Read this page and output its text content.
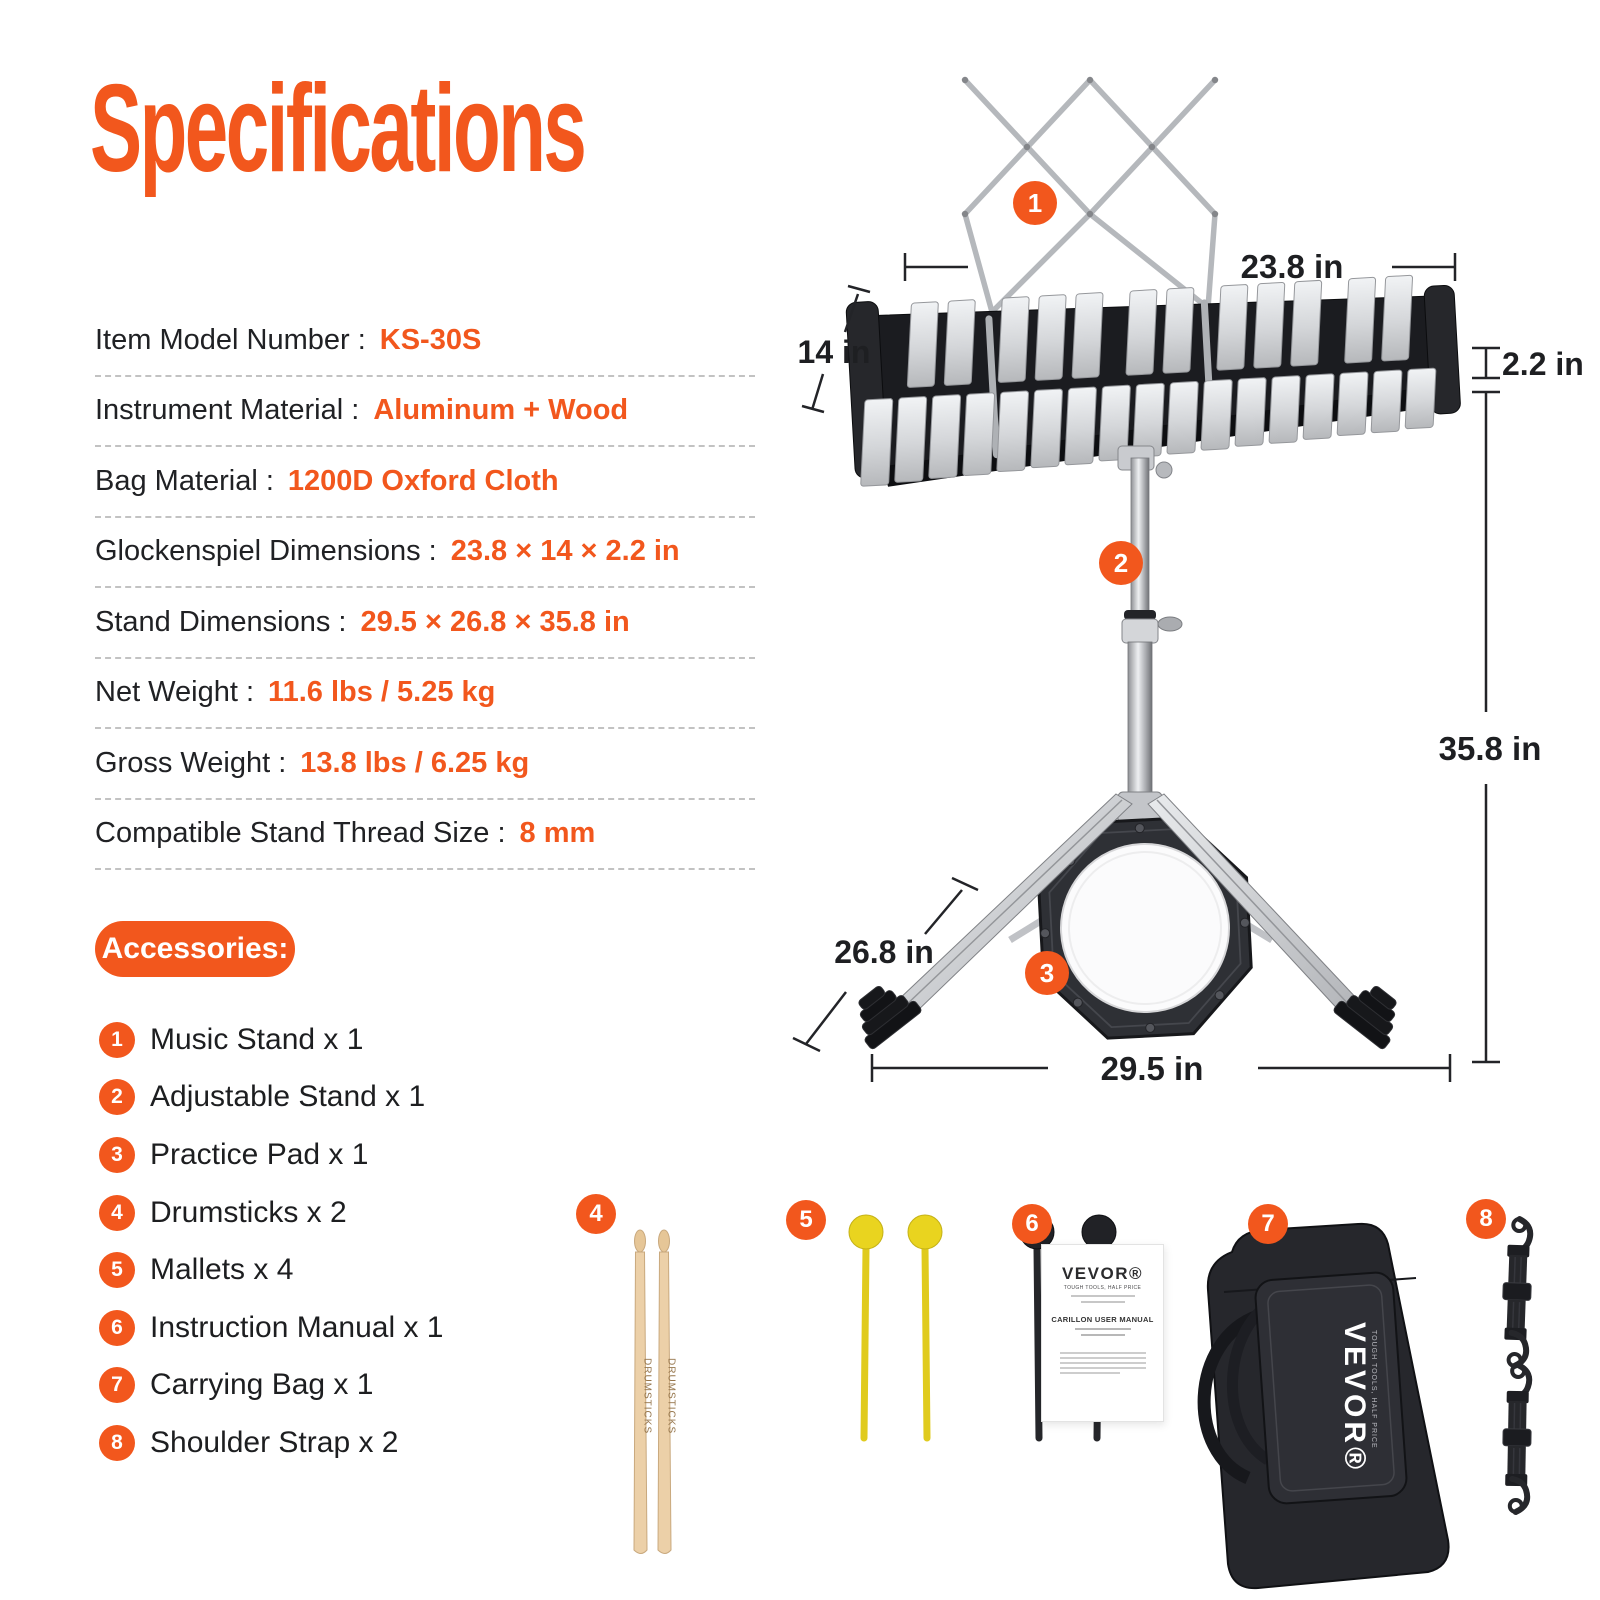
23.8 in
14 in	2.2 in
35.8 in
26.8 in
29.5 in
DRUMSTICKS DRUMSTICKS	VEVOR® TOUGH TOOLS, HALF PRICE
Specifications
Item Model Number : KS-30S
Instrument Material : Aluminum + Wood
Bag Material : 1200D Oxford Cloth
Glockenspiel Dimensions : 23.8 × 14 × 2.2 in
Stand Dimensions : 29.5 × 26.8 × 35.8 in
Net Weight : 11.6 lbs / 5.25 kg
Gross Weight : 13.8 lbs / 6.25 kg
Compatible Stand Thread Size : 8 mm
Accessories:
1 Music Stand x 1
2 Adjustable Stand x 1
3 Practice Pad x 1
4 Drumsticks x 2
5 Mallets x 4
6 Instruction Manual x 1
7 Carrying Bag x 1
8 Shoulder Strap x 2
1
2
3
4	5	6	7	8
VEVOR®
TOUGH TOOLS, HALF PRICE
CARILLON USER MANUAL
